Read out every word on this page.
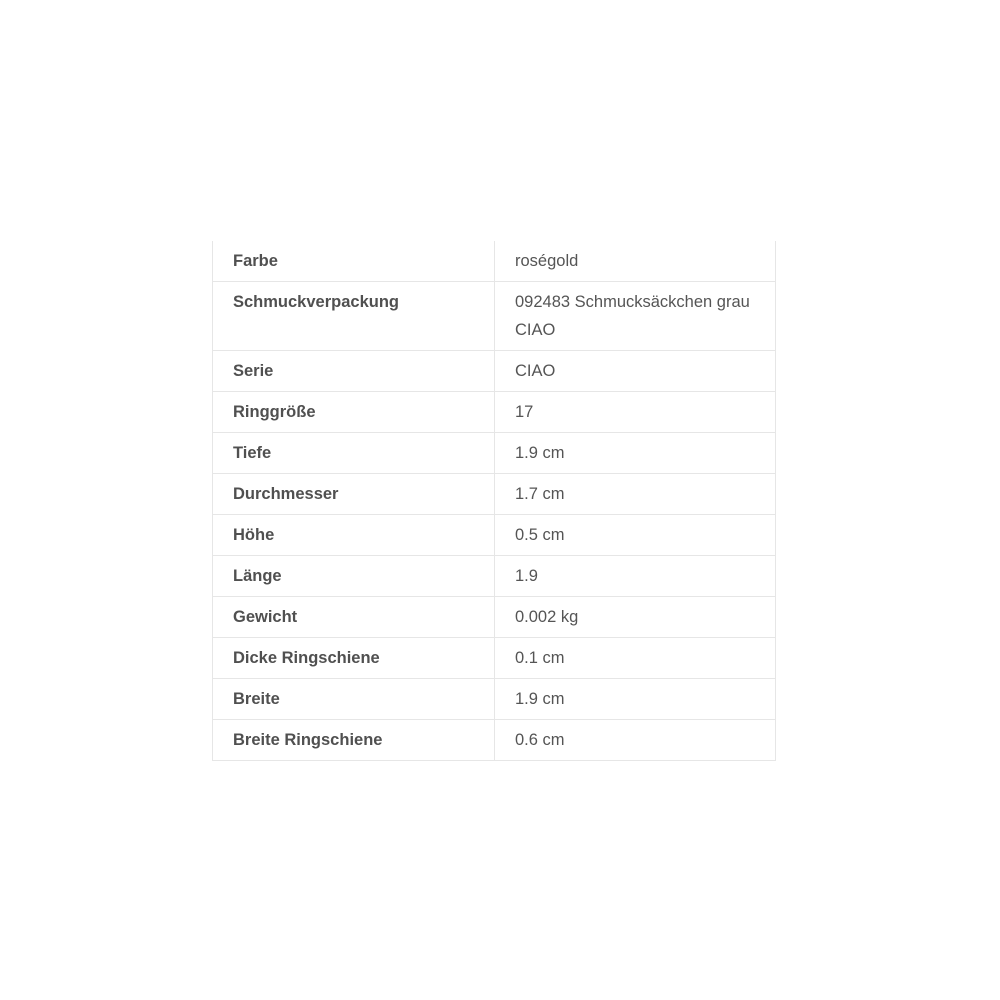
Farbe	roségold
Schmuckverpackung	092483 Schmucksäckchen grau CIAO
Serie	CIAO
Ringgröße	17
Tiefe	1.9 cm
Durchmesser	1.7 cm
Höhe	0.5 cm
Länge	1.9
Gewicht	0.002 kg
Dicke Ringschiene	0.1 cm
Breite	1.9 cm
Breite Ringschiene	0.6 cm
